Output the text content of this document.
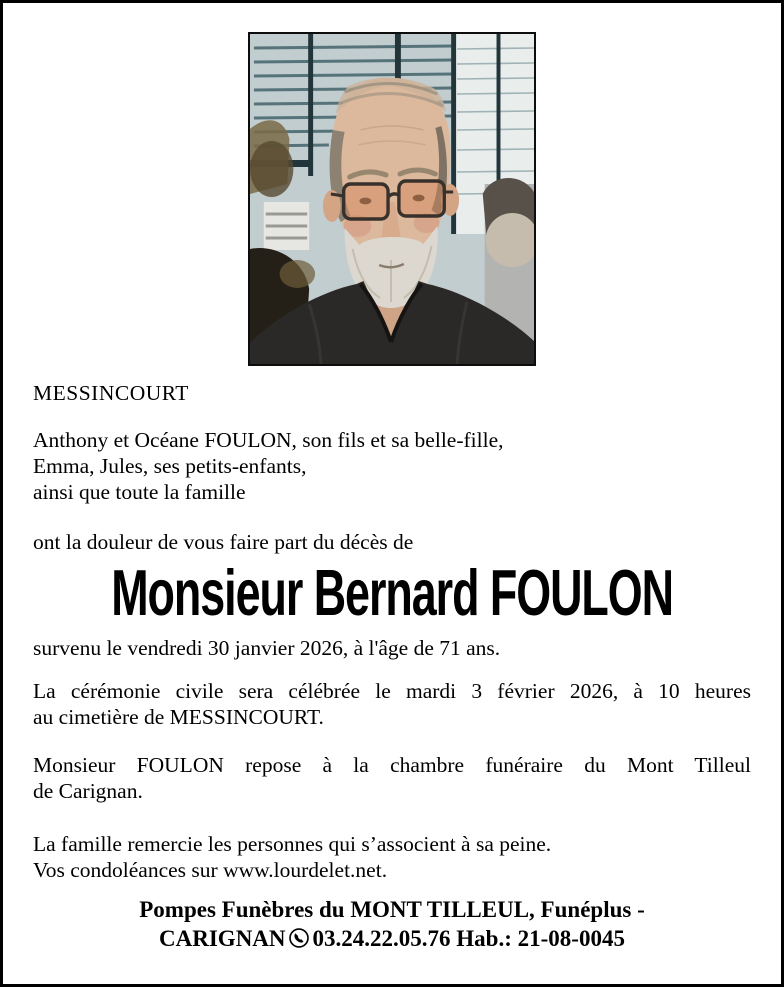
MESSINCOURT
Anthony et Océane FOULON, son fils et sa belle-fille,
Emma, Jules, ses petits-enfants,
ainsi que toute la famille
ont la douleur de vous faire part du décès de
Monsieur Bernard FOULON
survenu le vendredi 30 janvier 2026, à l'âge de 71 ans.
La cérémonie civile sera célébrée le mardi 3 février 2026, à 10 heures
au cimetière de MESSINCOURT.
Monsieur FOULON repose à la chambre funéraire du Mont Tilleul
de Carignan.
La famille remercie les personnes qui s’associent à sa peine.
Vos condoléances sur www.lourdelet.net.
Pompes Funèbres du MONT TILLEUL, Funéplus -
CARIGNAN 03.24.22.05.76 Hab.: 21-08-0045
